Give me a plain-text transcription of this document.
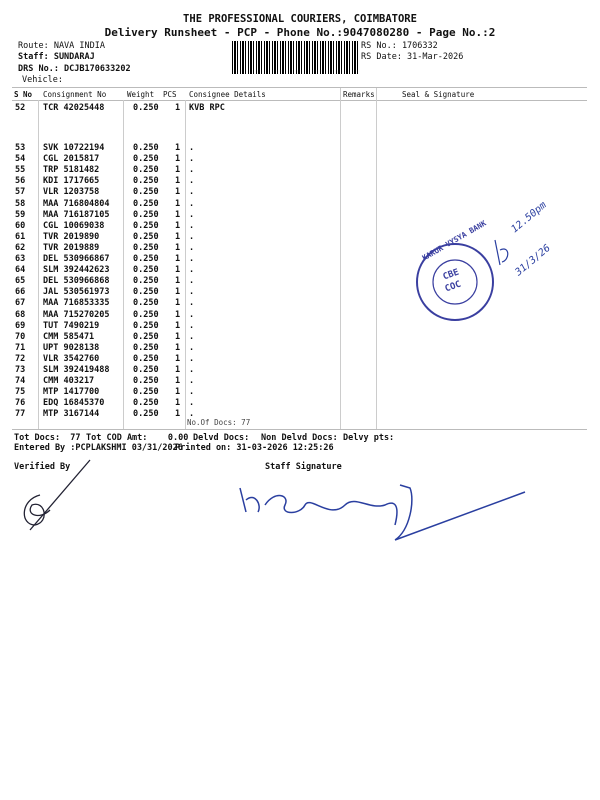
THE PROFESSIONAL COURIERS, COIMBATORE
Delivery Runsheet - PCP - Phone No.:9047080280 - Page No.:2
Route: NAVA INDIA
Staff: SUNDARAJ
DRS No.: DCJB170633202
Vehicle:
RS No.: 1706332
RS Date: 31-Mar-2026
S No Consignment No	Weight PCS Consignee Details	Remarks	Seal & Signature
52 TCR 42025448	0.250 1 KVB RPC
53 SVK 10722194	0.250 1 .
54 CGL 2015817	0.250 1 .
55 TRP 5181482	0.250 1 .
56 KDI 1717665	0.250 1 .
57 VLR 1203758	0.250 1 .
58 MAA 716804804	0.250 1 .
59 MAA 716187105	0.250 1 .
60 CGL 10069038	0.250 1 .
61 TVR 2019890	0.250 1 .
62 TVR 2019889	0.250 1 .
63 DEL 530966867	0.250 1 .
64 SLM 392442623	0.250 1 .
65 DEL 530966868	0.250 1 .
66 JAL 530561973	0.250 1 .
67 MAA 716853335	0.250 1 .
68 MAA 715270205	0.250 1 .
69 TUT 7490219	0.250 1 .
70 CMM 585471	0.250 1 .
71 UPT 9028138	0.250 1 .
72 VLR 3542760	0.250 1 .
73 SLM 392419488	0.250 1 .
74 CMM 403217	0.250 1 .
75 MTP 1417700	0.250 1 .
76 EDQ 16845370	0.250 1 .
77 MTP 3167144	0.250 1 .
No.Of Docs: 77
Tot Docs:  77 Tot COD Amt:    0.00 Delvd Docs: Non Delvd Docs: Delvy pts:
Entered By :PCPLAKSHMI 03/31/2026
Printed on: 31-03-2026 12:25:26
Verified By	Staff Signature
CBE
COC
KARUR VYSYA BANK
12.50pm
31/3/26
